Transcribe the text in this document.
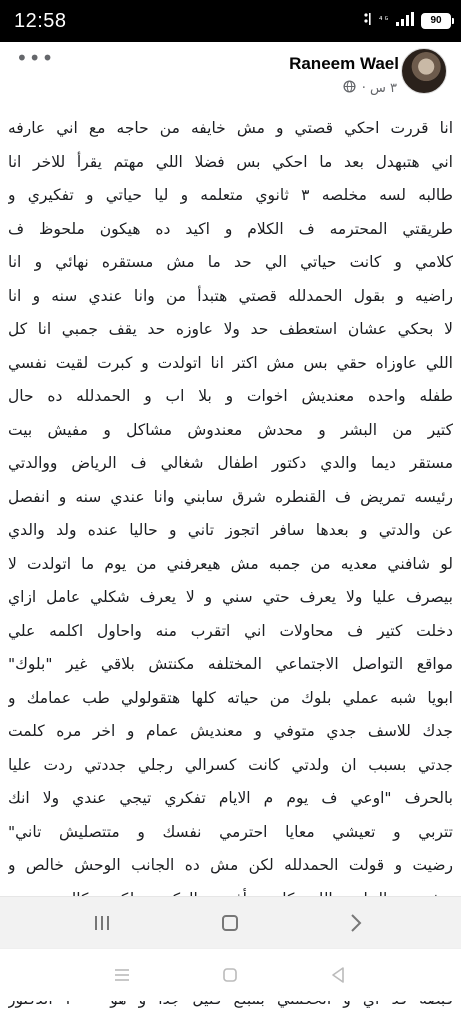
12:58	⁴ᴳ	90
•••	Raneem Wael
٣ س ·
انا قررت احكي قصتي و مش خايفه من حاجه مع اني عارفه
اني هتبهدل بعد ما احكي بس فضلا اللي مهتم يقرأ للاخر انا
طالبه لسه مخلصه ٣ ثانوي متعلمه و ليا حياتي و تفكيري و
طريقتي المحترمه ف الكلام و اكيد ده هيكون ملحوظ ف
كلامي و كانت حياتي الي حد ما مش مستقره نهائي و انا
راضيه و بقول الحمدلله قصتي هتبدأ من وانا عندي سنه و انا
لا بحكي عشان استعطف حد ولا عاوزه حد يقف جمبي انا كل
اللي عاوزاه حقي بس مش اكتر انا اتولدت و كبرت لقيت نفسي
طفله واحده معنديش اخوات و بلا اب و الحمدلله ده حال
كتير من البشر و محدش معندوش مشاكل و مفيش بيت
مستقر ديما والدي دكتور اطفال شغالي ف الرياض ووالدتي
رئيسه تمريض ف القنطره شرق سابني وانا عندي سنه و انفصل
عن والدتي و بعدها سافر اتجوز تاني و حاليا عنده ولد والدي
لو شافني معديه من جمبه مش هيعرفني من يوم ما اتولدت لا
بيصرف عليا ولا يعرف حتي سني و لا يعرف شكلي عامل ازاي
دخلت كتير ف محاولات اني اتقرب منه واحاول اكلمه علي
مواقع التواصل الاجتماعي المختلفه مكنتش بلاقي غير "بلوك"
ابويا شبه عملي بلوك من حياته كلها هتقولولي طب عمامك و
جدك للاسف جدي متوفي و معنديش عمام و اخر مره كلمت
جدتي بسبب ان ولدتي كانت كسرالي رجلي جددتي ردت عليا
بالحرف "اوعي ف يوم م الايام تفكري تيجي عندي ولا انك
تتربي و تعيشي معايا احترمي نفسك و متتصليش تاني"
رضيت و قولت الحمدلله لكن مش ده الجانب الوحش خالص و
